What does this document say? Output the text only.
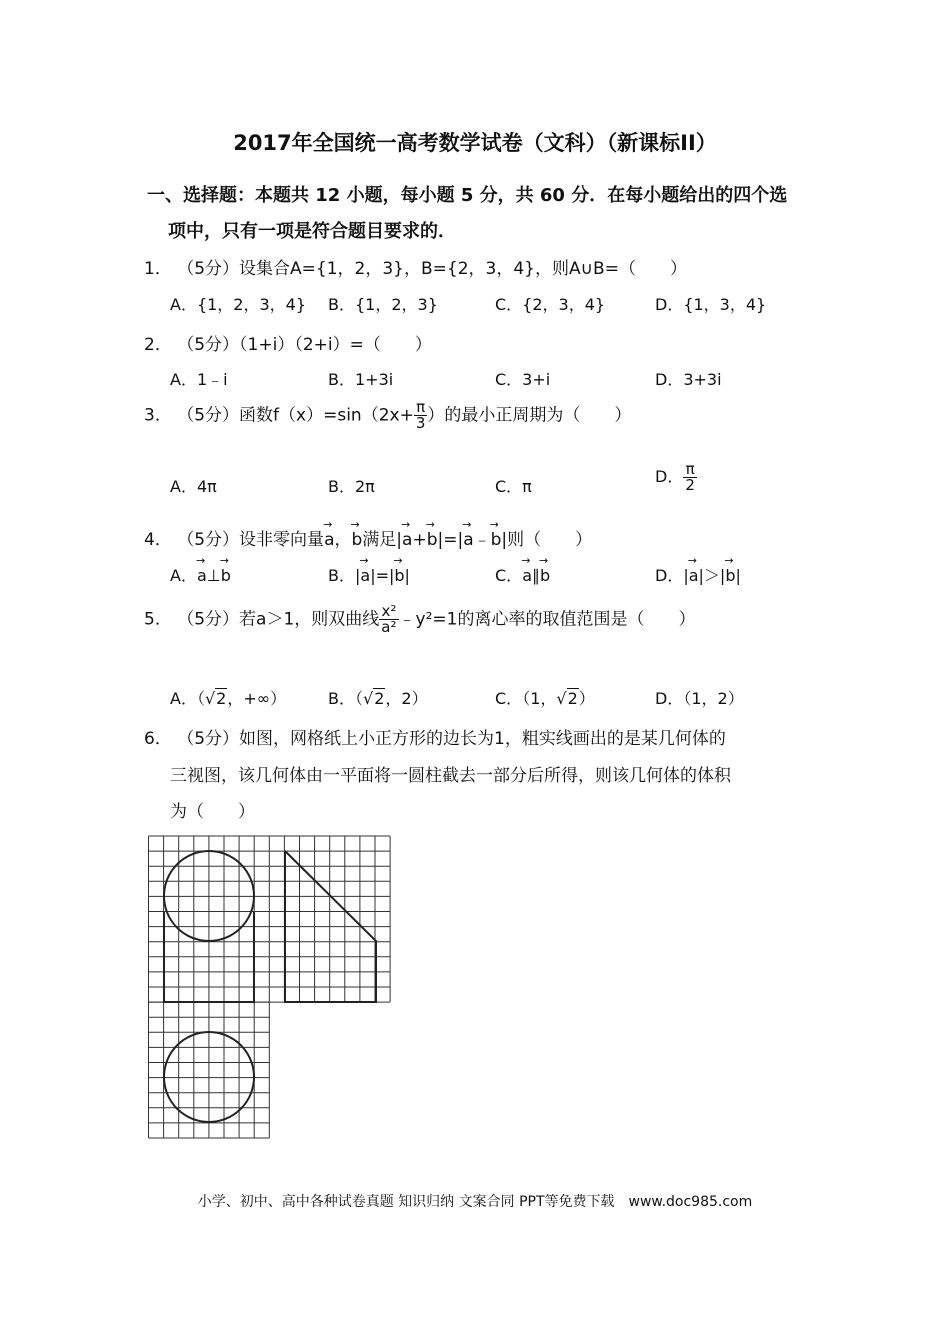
2017年全国统一高考数学试卷（文科）（新课标II）
一、选择题：本题共 12 小题，每小题 5 分，共 60 分．在每小题给出的四个选
项中，只有一项是符合题目要求的．
1． （5分）设集合A={1，2，3}，B={2，3，4}，则A∪B=（　　）
A．{1，2，3，4} B．{1，2，3}	C．{2，3，4}	D．{1，3，4}
2． （5分）（1+i）（2+i）=（　　）
A．1﹣i	B．1+3i	C．3+i	D．3+3i
3． （5分）函数$f(x)=\sin(2x+ \frac{\pi}{3}$ ）的最小正周期为（　　）
A．4π	B．2π	C．π
D． $\frac{\pi}{2}$
4． （5分）设非零向量→ a，→ b满足|→ a+→ b|=|→ a﹣→ b|则（　　）
A．→ a⊥→ b	B．|→ a|=|→ b|	C．→ a∥→ b	D．|→ a|＞|→ b|
5． （5分）若a＞1，则双曲线 $\frac{\text{x²}}{\text{a²}}$ ﹣y²=1的离心率的取值范围是（　　）
A．（√2，+∞）	B．（√2，2）	C．（1，√2）	D．（1，2）
6． （5分）如图，网格纸上小正方形的边长为1，粗实线画出的是某几何体的
三视图，该几何体由一平面将一圆柱截去一部分后所得，则该几何体的体积
为（　　）
小学、初中、高中各种试卷真题 知识归纳 文案合同 PPT等免费下载　www.doc985.com
